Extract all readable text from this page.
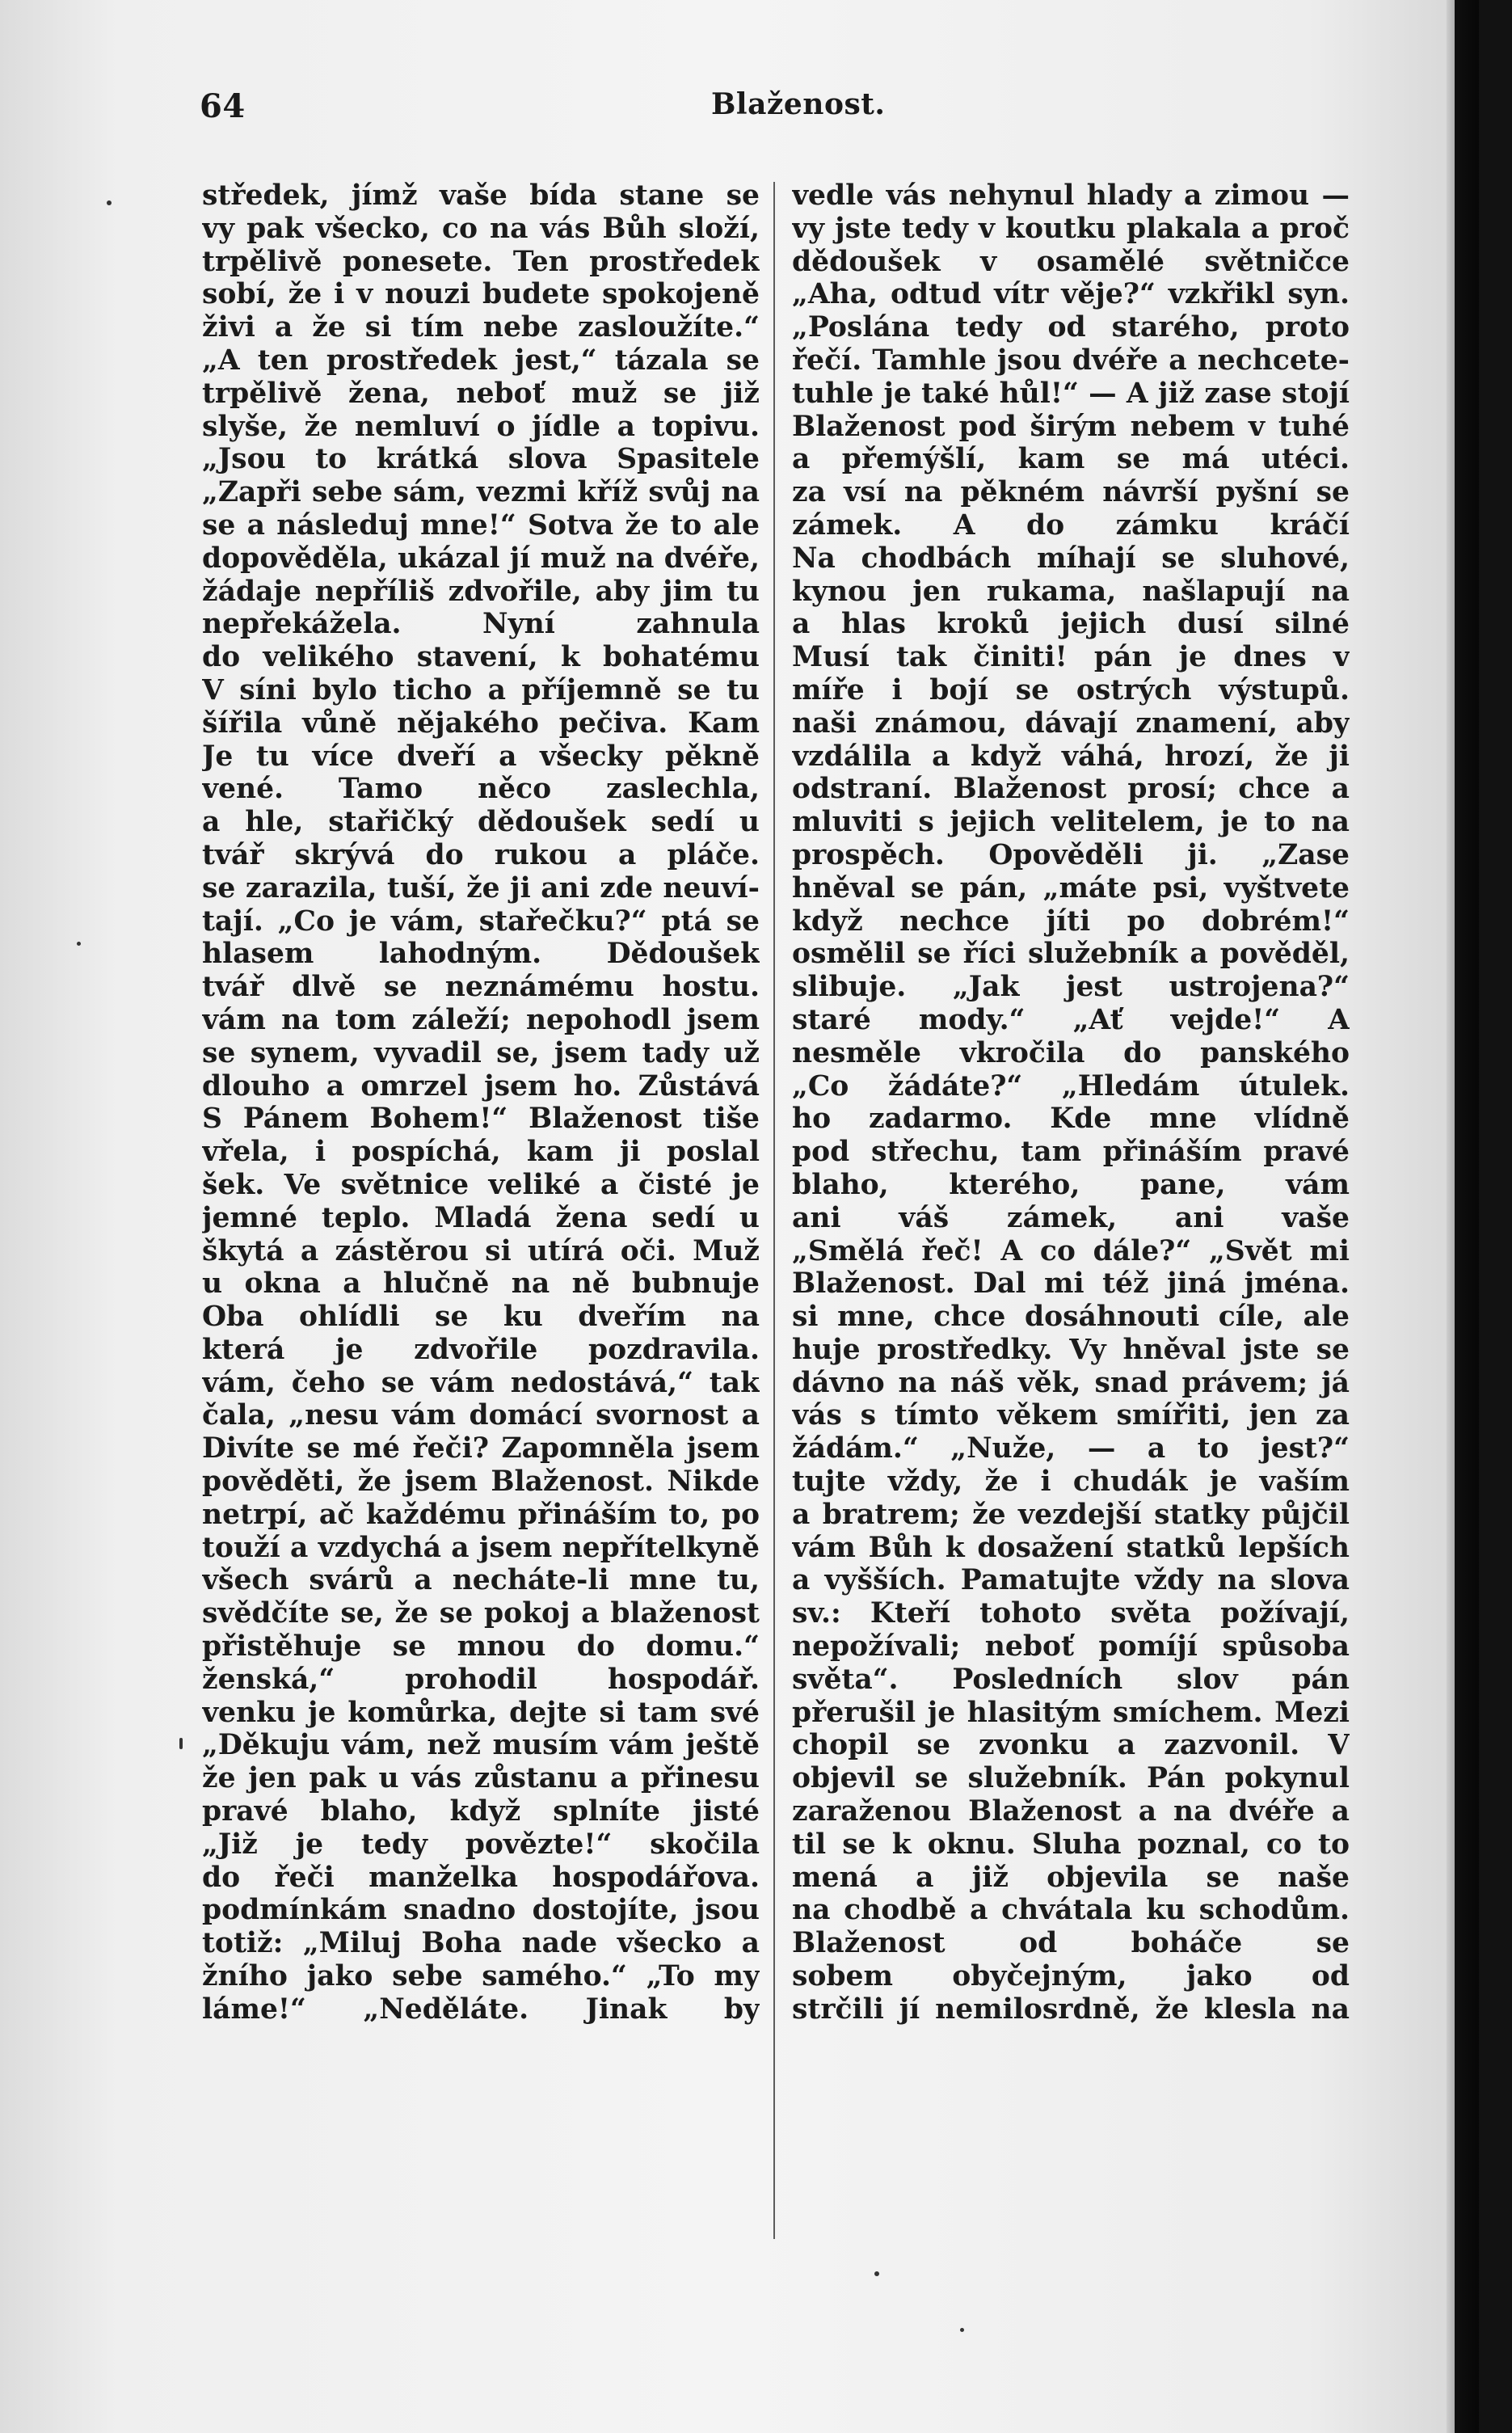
64	Blaženost.
středek, jímž vaše bída stane se
vy pak všecko, co na vás Bůh složí,
trpělivě ponesete. Ten prostředek
sobí, že i v nouzi budete spokojeně
živi a že si tím nebe zasloužíte.“
„A ten prostředek jest,“ tázala se
trpělivě žena, neboť muž se již
slyše, že nemluví o jídle a topivu.
„Jsou to krátká slova Spasitele
„Zapři sebe sám, vezmi kříž svůj na
se a následuj mne!“ Sotva že to ale
dopověděla, ukázal jí muž na dvéře,
žádaje nepříliš zdvořile, aby jim tu
nepřekážela. Nyní zahnula
do velikého stavení, k bohatému
V síni bylo ticho a příjemně se tu
šířila vůně nějakého pečiva. Kam
Je tu více dveří a všecky pěkně
vené. Tamo něco zaslechla,
a hle, stařičký dědoušek sedí u
tvář skrývá do rukou a pláče.
se zarazila, tuší, že ji ani zde neuví-
tají. „Co je vám, stařečku?“ ptá se
hlasem lahodným. Dědoušek
tvář dlvě se neznámému hostu.
vám na tom záleží; nepohodl jsem
se synem, vyvadil se, jsem tady už
dlouho a omrzel jsem ho. Zůstává
S Pánem Bohem!“ Blaženost tiše
vřela, i pospíchá, kam ji poslal
šek. Ve světnice veliké a čisté je
jemné teplo. Mladá žena sedí u
škytá a zástěrou si utírá oči. Muž
u okna a hlučně na ně bubnuje
Oba ohlídli se ku dveřím na
která je zdvořile pozdravila.
vám, čeho se vám nedostává,“ tak
čala, „nesu vám domácí svornost a
Divíte se mé řeči? Zapomněla jsem
pověděti, že jsem Blaženost. Nikde
netrpí, ač každému přináším to, po
touží a vzdychá a jsem nepřítelkyně
všech svárů a necháte-li mne tu,
svědčíte se, že se pokoj a blaženost
přistěhuje se mnou do domu.“
ženská,“ prohodil hospodář.
venku je komůrka, dejte si tam své
„Děkuju vám, než musím vám ještě
že jen pak u vás zůstanu a přinesu
pravé blaho, když splníte jisté
„Již je tedy povězte!“ skočila
do řeči manželka hospodářova.
podmínkám snadno dostojíte, jsou
totiž: „Miluj Boha nade všecko a
žního jako sebe samého.“ „To my
láme!“ „Neděláte. Jinak by
vedle vás nehynul hlady a zimou —
vy jste tedy v koutku plakala a proč
dědoušek v osamělé světničce
„Aha, odtud vítr věje?“ vzkřikl syn.
„Poslána tedy od starého, proto
řečí. Tamhle jsou dvéře a nechcete-
tuhle je také hůl!“ — A již zase stojí
Blaženost pod širým nebem v tuhé
a přemýšlí, kam se má utéci.
za vsí na pěkném návrší pyšní se
zámek. A do zámku kráčí
Na chodbách míhají se sluhové,
kynou jen rukama, našlapují na
a hlas kroků jejich dusí silné
Musí tak činiti! pán je dnes v
míře i bojí se ostrých výstupů.
naši známou, dávají znamení, aby
vzdálila a když váhá, hrozí, že ji
odstraní. Blaženost prosí; chce a
mluviti s jejich velitelem, je to na
prospěch. Opověděli ji. „Zase
hněval se pán, „máte psi, vyštvete
když nechce jíti po dobrém!“
osmělil se říci služebník a pověděl,
slibuje. „Jak jest ustrojena?“
staré mody.“ „Ať vejde!“ A
nesměle vkročila do panského
„Co žádáte?“ „Hledám útulek.
ho zadarmo. Kde mne vlídně
pod střechu, tam přináším pravé
blaho, kterého, pane, vám
ani váš zámek, ani vaše
„Smělá řeč! A co dále?“ „Svět mi
Blaženost. Dal mi též jiná jména.
si mne, chce dosáhnouti cíle, ale
huje prostředky. Vy hněval jste se
dávno na náš věk, snad právem; já
vás s tímto věkem smířiti, jen za
žádám.“ „Nuže, — a to jest?“
tujte vždy, že i chudák je vaším
a bratrem; že vezdejší statky půjčil
vám Bůh k dosažení statků lepších
a vyšších. Pamatujte vždy na slova
sv.: Kteří tohoto světa požívají,
nepožívali; neboť pomíjí spůsoba
světa“. Posledních slov pán
přerušil je hlasitým smíchem. Mezi
chopil se zvonku a zazvonil. V
objevil se služebník. Pán pokynul
zaraženou Blaženost a na dvéře a
til se k oknu. Sluha poznal, co to
mená a již objevila se naše
na chodbě a chvátala ku schodům.
Blaženost od boháče se
sobem obyčejným, jako od
strčili jí nemilosrdně, že klesla na
